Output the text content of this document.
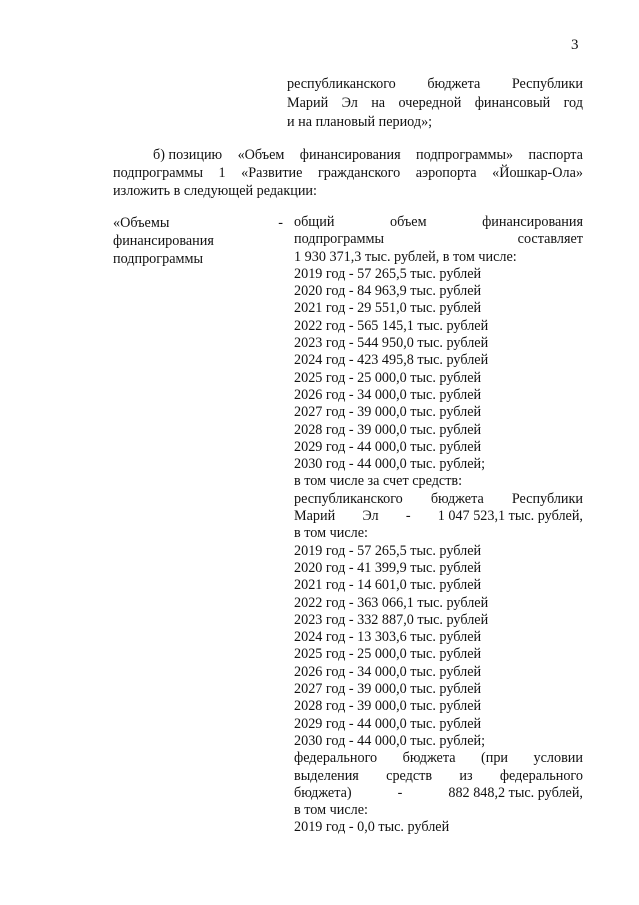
3
республиканского бюджета Республики
Марий Эл на очередной финансовый год
и на плановый период»;
б) позицию «Объем финансирования подпрограммы» паспорта
подпрограммы 1 «Развитие гражданского аэропорта «Йошкар-Ола»
изложить в следующей редакции:
«Объемы	-
финансирования
подпрограммы
общий	объем	финансирования
подпрограммы	составляет
1 930 371,3 тыс. рублей, в том числе:
2019 год - 57 265,5 тыс. рублей
2020 год - 84 963,9 тыс. рублей
2021 год - 29 551,0 тыс. рублей
2022 год - 565 145,1 тыс. рублей
2023 год - 544 950,0 тыс. рублей
2024 год - 423 495,8 тыс. рублей
2025 год - 25 000,0 тыс. рублей
2026 год - 34 000,0 тыс. рублей
2027 год - 39 000,0 тыс. рублей
2028 год - 39 000,0 тыс. рублей
2029 год - 44 000,0 тыс. рублей
2030 год - 44 000,0 тыс. рублей;
в том числе за счет средств:
республиканского бюджета Республики
Марий Эл - 1 047 523,1 тыс. рублей,
в том числе:
2019 год - 57 265,5 тыс. рублей
2020 год - 41 399,9 тыс. рублей
2021 год - 14 601,0 тыс. рублей
2022 год - 363 066,1 тыс. рублей
2023 год - 332 887,0 тыс. рублей
2024 год - 13 303,6 тыс. рублей
2025 год - 25 000,0 тыс. рублей
2026 год - 34 000,0 тыс. рублей
2027 год - 39 000,0 тыс. рублей
2028 год - 39 000,0 тыс. рублей
2029 год - 44 000,0 тыс. рублей
2030 год - 44 000,0 тыс. рублей;
федерального бюджета (при условии
выделения средств из федерального
бюджета)	-	882 848,2 тыс. рублей,
в том числе:
2019 год - 0,0 тыс. рублей
